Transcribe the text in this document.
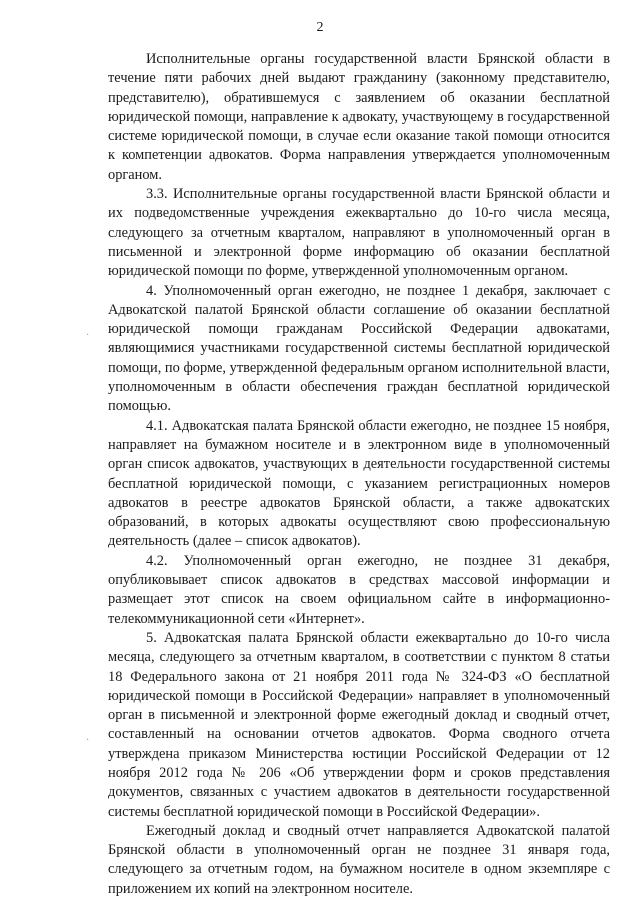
2
·
·

Исполнительные органы государственной власти Брянской области в течение пяти рабочих дней выдают гражданину (законному представителю, представителю), обратившемуся с заявлением об оказании бесплатной юридической помощи, направление к адвокату, участвующему в государственной системе юридической помощи, в случае если оказание такой помощи относится к компетенции адвокатов. Форма направления утверждается уполномоченным органом.

3.3. Исполнительные органы государственной власти Брянской области и их подведомственные учреждения ежеквартально до 10-го числа месяца, следующего за отчетным кварталом, направляют в уполномоченный орган в письменной и электронной форме информацию об оказании бесплатной юридической помощи по форме, утвержденной уполномоченным органом.

4. Уполномоченный орган ежегодно, не позднее 1 декабря, заключает с Адвокатской палатой Брянской области соглашение об оказании бесплатной юридической помощи гражданам Российской Федерации адвокатами, являющимися участниками государственной системы бесплатной юридической помощи, по форме, утвержденной федеральным органом исполнительной власти, уполномоченным в области обеспечения граждан бесплатной юридической помощью.

4.1. Адвокатская палата Брянской области ежегодно, не позднее 15 ноября, направляет на бумажном носителе и в электронном виде в уполномоченный орган список адвокатов, участвующих в деятельности государственной системы бесплатной юридической помощи, с указанием регистрационных номеров адвокатов в реестре адвокатов Брянской области, а также адвокатских образований, в которых адвокаты осуществляют свою профессиональную деятельность (далее – список адвокатов).

4.2. Уполномоченный орган ежегодно, не позднее 31 декабря, опубликовывает список адвокатов в средствах массовой информации и размещает этот список на своем официальном сайте в информационно-телекоммуникационной сети «Интернет».

5. Адвокатская палата Брянской области ежеквартально до 10-го числа месяца, следующего за отчетным кварталом, в соответствии с пунктом 8 статьи 18 Федерального закона от 21 ноября 2011 года № 324-ФЗ «О бесплатной юридической помощи в Российской Федерации» направляет в уполномоченный орган в письменной и электронной форме ежегодный доклад и сводный отчет, составленный на основании отчетов адвокатов. Форма сводного отчета утверждена приказом Министерства юстиции Российской Федерации от 12 ноября 2012 года № 206 «Об утверждении форм и сроков представления документов, связанных с участием адвокатов в деятельности государственной системы бесплатной юридической помощи в Российской Федерации».

Ежегодный доклад и сводный отчет направляется Адвокатской палатой Брянской области в уполномоченный орган не позднее 31 января года, следующего за отчетным годом, на бумажном носителе в одном экземпляре с приложением их копий на электронном носителе.
